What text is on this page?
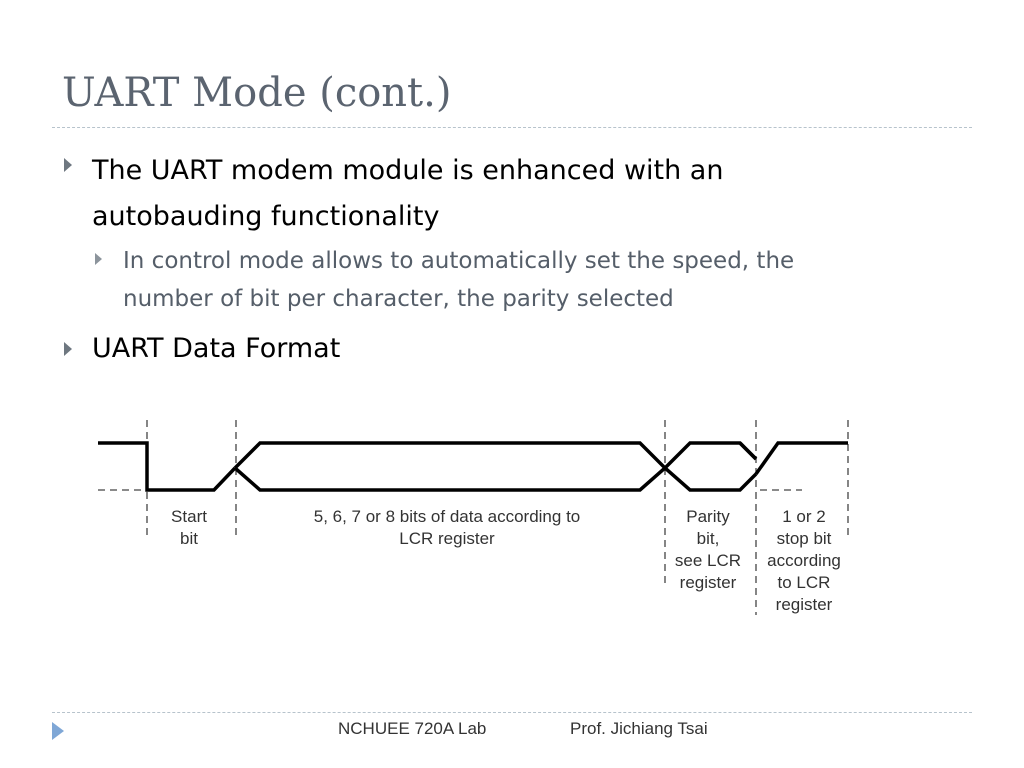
UART Mode (cont.)
The UART modem module is enhanced with an
autobauding functionality
In control mode allows to automatically set the speed, the
number of bit per character, the parity selected
UART Data Format
Start
bit
5, 6, 7 or 8 bits of data according to
LCR register
Parity
bit,
see LCR
register
1 or 2
stop bit
according
to LCR
register
NCHUEE 720A Lab	Prof. Jichiang Tsai
